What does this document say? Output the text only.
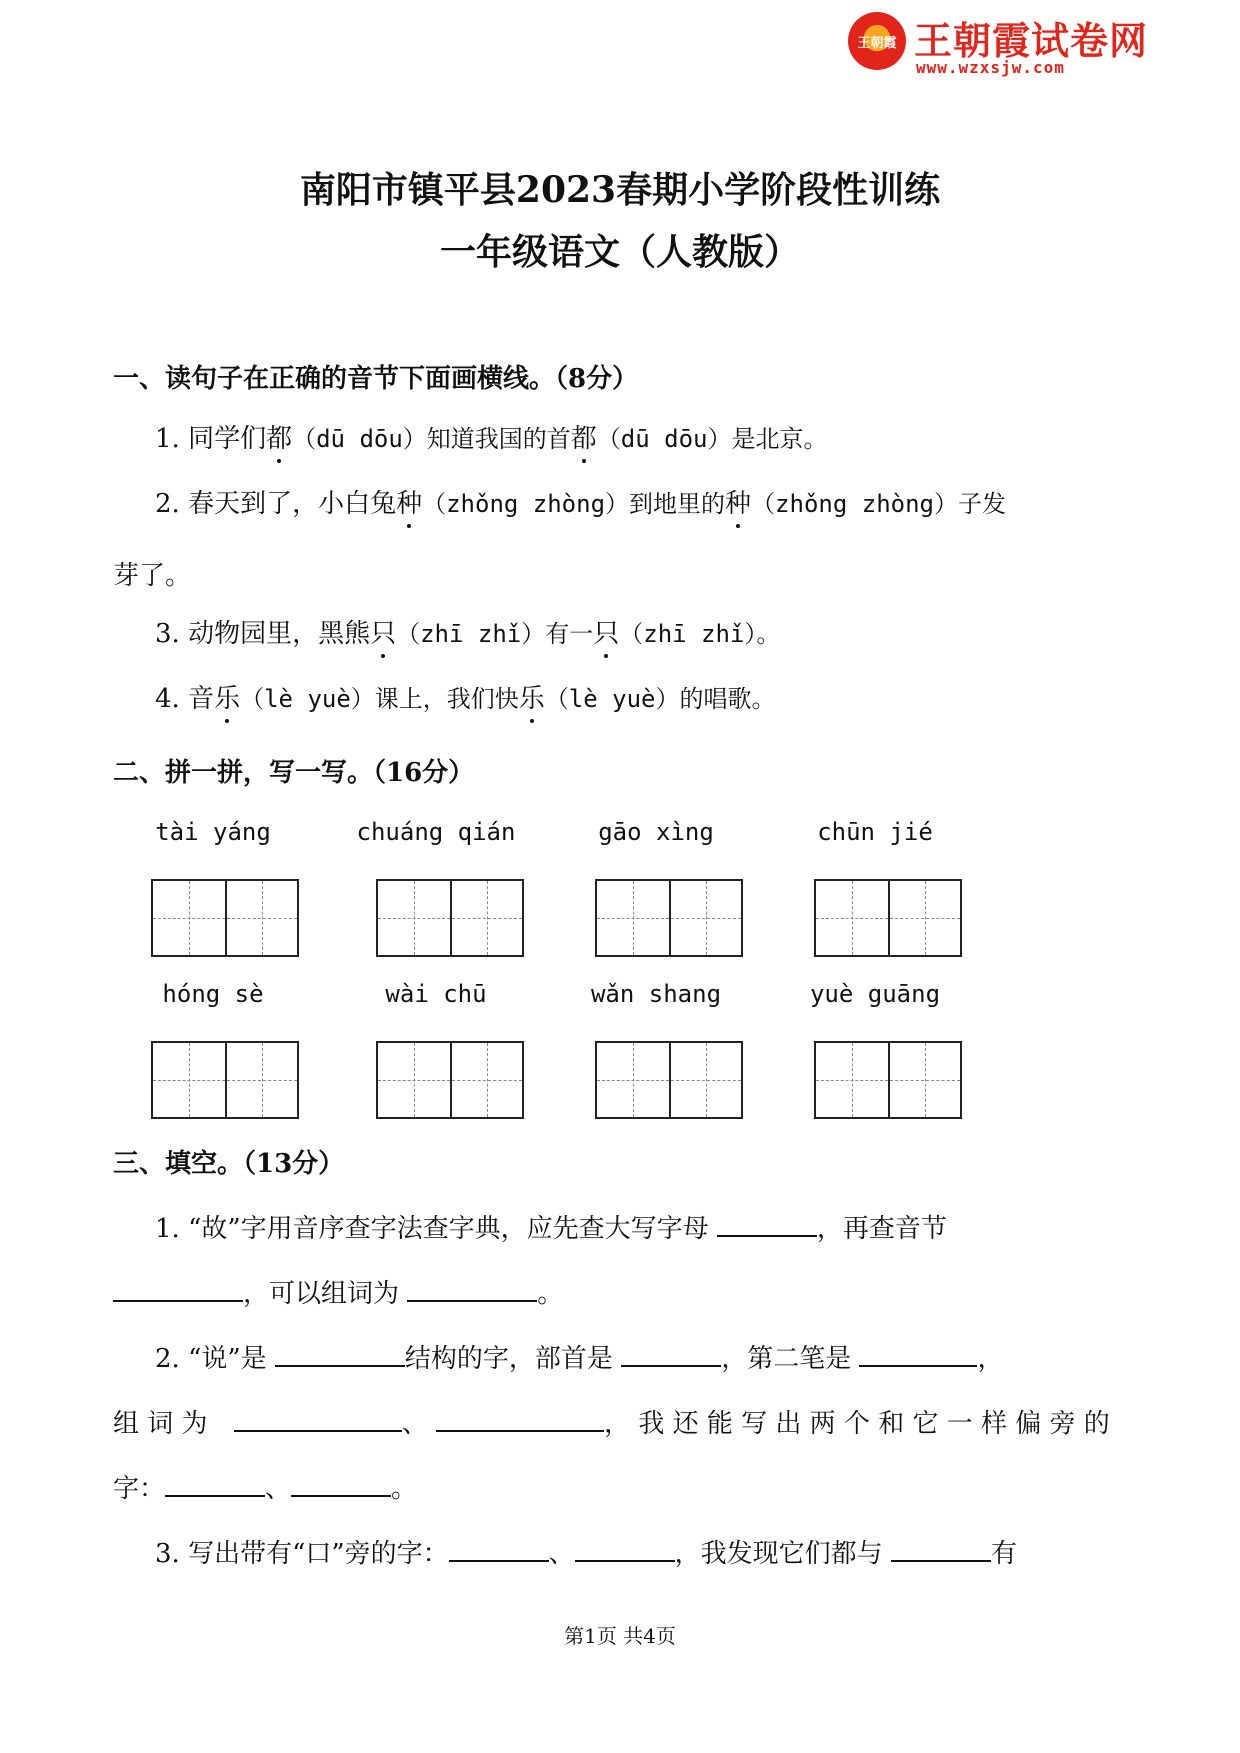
王朝霞 王朝霞试卷网
www.wzxsjw.com
南阳市镇平县2023春期小学阶段性训练
一年级语文（人教版）
一、读句子在正确的音节下面画横线。（8分）
1. 同学们都（dū dōu）知道我国的首都（dū dōu）是北京。
2. 春天到了，小白兔种（zhǒng zhòng）到地里的种（zhǒng zhòng）子发
芽了。
3. 动物园里，黑熊只（zhī zhǐ）有一只（zhī zhǐ）。
4. 音乐（lè yuè）课上，我们快乐（lè yuè）的唱歌。
二、拼一拼，写一写。（16分）
tài yáng	chuáng qián	gāo xìng	chūn jié
hóng sè	wài chū	wǎn shang	yuè guāng
三、填空。（13分）
1. “故”字用音序查字法查字典，应先查大写字母	，再查音节
，可以组词为	。
2. “说”是	结构的字，部首是	，第二笔是	，
组 词 为	、	， 我 还 能 写 出 两 个 和 它 一 样 偏 旁 的
字：	、	。
3. 写出带有“口”旁的字：	、	，我发现它们都与	有
第1页 共4页
